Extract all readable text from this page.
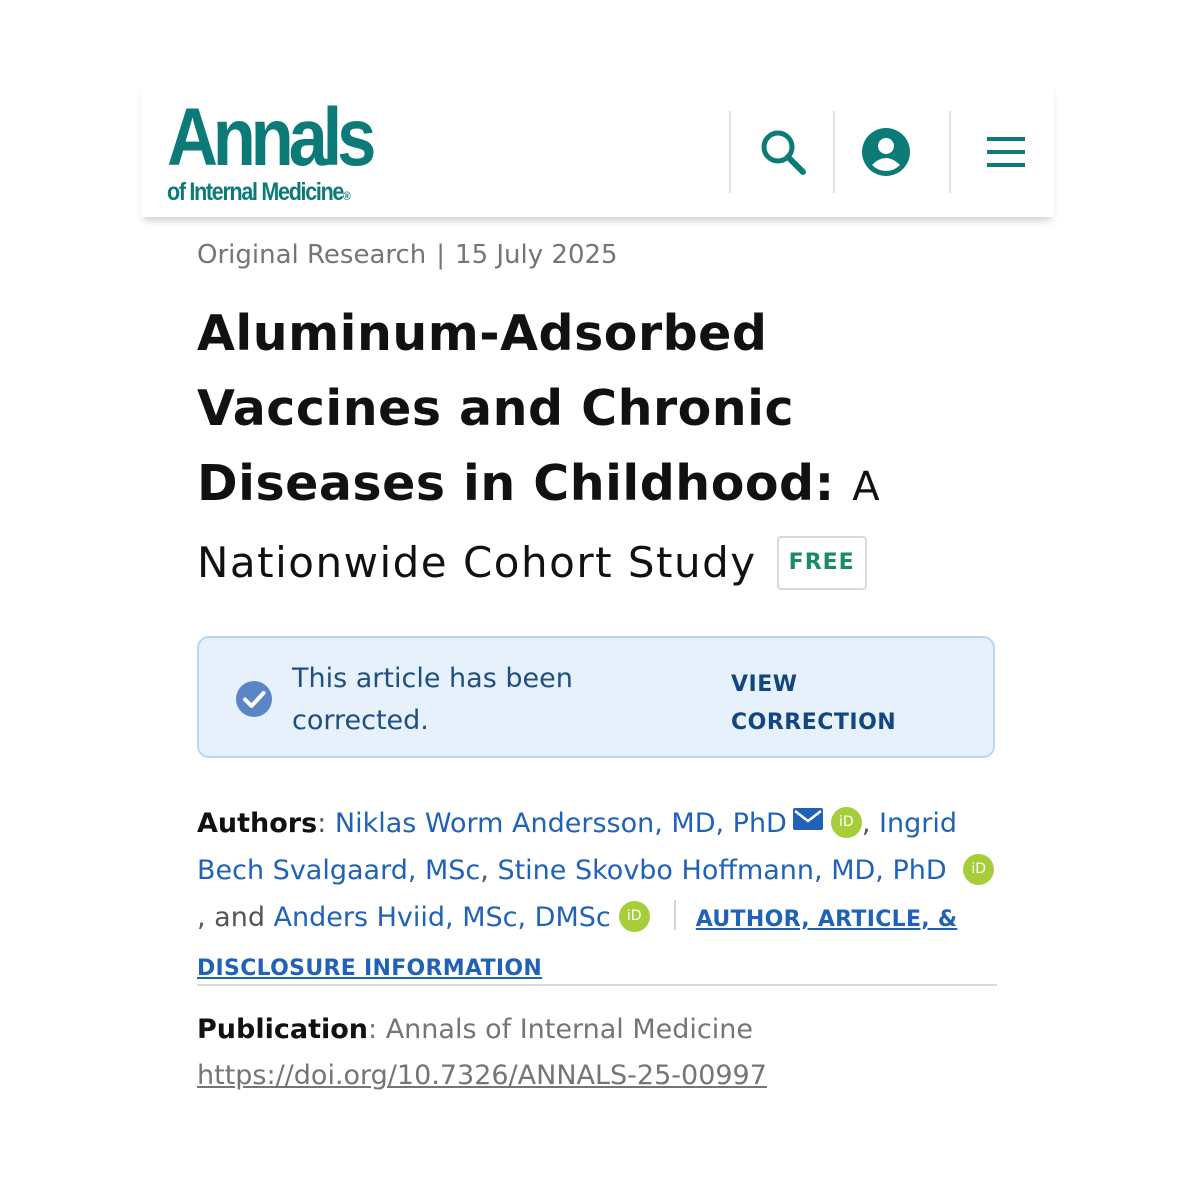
Annals
of Internal Medicine®
Original Research | 15 July 2025
Aluminum-Adsorbed
Vaccines and Chronic
Diseases in Childhood: A
Nationwide Cohort Study	FREE
This article has been corrected.
VIEW CORRECTION
Authors: Niklas Worm Andersson, MD, PhD	iD , Ingrid Bech Svalgaard, MSc, Stine Skovbo Hoffmann, MD, PhD iD, and Anders Hviid, MSc, DMSc iD AUTHOR, ARTICLE, & DISCLOSURE INFORMATION
Publication: Annals of Internal Medicine
https://doi.org/10.7326/ANNALS-25-00997
